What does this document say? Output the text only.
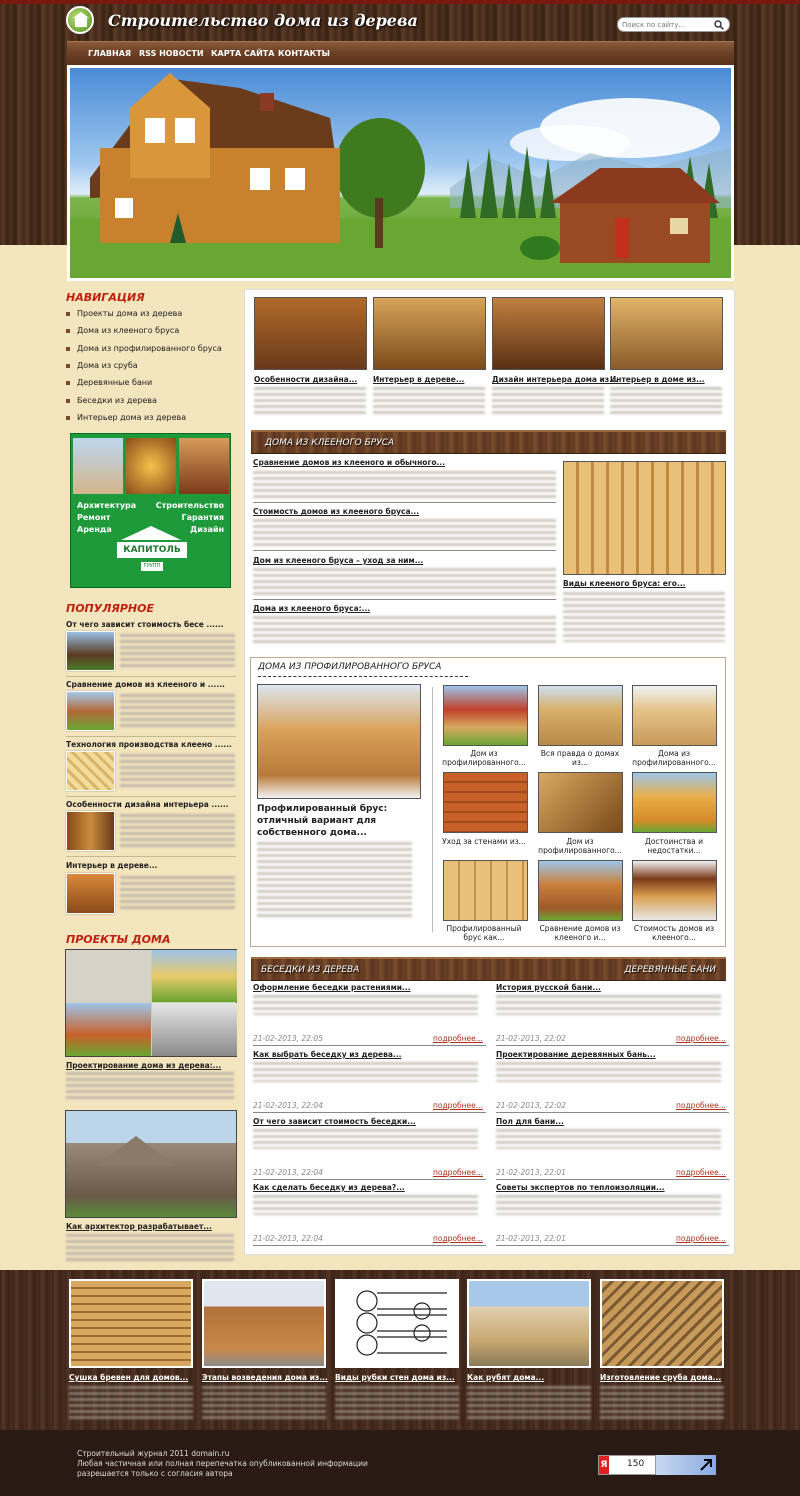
Строительство дома из дерева
Поиск по сайту...
ГЛАВНАЯ RSS НОВОСТИ КАРТА САЙТА КОНТАКТЫ
НАВИГАЦИЯ
Проекты дома из дерева
Дома из клееного бруса
Дома из профилированного бруса
Дома из сруба
Деревянные бани
Беседки из дерева
Интерьер дома из дерева
Архитектура
Ремонт
Аренда
Строительство
Гарантия
Дизайн
КАПИТОЛЬ
ГРУПП
ПОПУЛЯРНОЕ
От чего зависит стоимость бесе ......
Сравнение домов из клееного и ......
Технология производства клеено ......
Особенности дизайна интерьера ......
Интерьер в дереве...
ПРОЕКТЫ ДОМА
Проектирование дома из дерева:...
Как архитектор разрабатывает...
Особенности дизайна... Интерьер в дереве...	Дизайн интерьера дома из...
Интерьер в доме из...
ДОМА ИЗ КЛЕЕНОГО БРУСА
Сравнение домов из клееного и обычного...
Стоимость домов из клееного бруса...
Дом из клееного бруса – уход за ним...
Дома из клееного бруса:...
Виды клееного бруса: его...
ДОМА ИЗ ПРОФИЛИРОВАННОГО БРУСА
Профилированный брус: отличный вариант для собственного дома...
Дом из профилированного...
Вся правда о домах из...
Дома из профилированного...
Уход за стенами из...	Дом из профилированного...
Достоинства и недостатки...
Профилированный брус как...
Сравнение домов из клееного и...
Стоимость домов из клееного...
БЕСЕДКИ ИЗ ДЕРЕВА	ДЕРЕВЯННЫЕ БАНИ
Оформление беседки растениями...
21-02-2013, 22:05	подробнее...
Как выбрать беседку из дерева...
21-02-2013, 22:04	подробнее...
От чего зависит стоимость беседки...
21-02-2013, 22:04	подробнее...
Как сделать беседку из дерева?...
21-02-2013, 22:04	подробнее...
История русской бани...
21-02-2013, 22:02	подробнее...
Проектирование деревянных бань...
21-02-2013, 22:02	подробнее...
Пол для бани...
21-02-2013, 22:01	подробнее...
Советы экспертов по теплоизоляции...
21-02-2013, 22:01	подробнее...
Сушка бревен для домов... Этапы возведения дома из... Виды рубки стен дома из... Как рубят дома...	Изготовление сруба дома...
Строительный журнал 2011 domain.ru
Любая частичная или полная перепечатка опубликованной информации
разрешается только с согласия автора
Я 150
